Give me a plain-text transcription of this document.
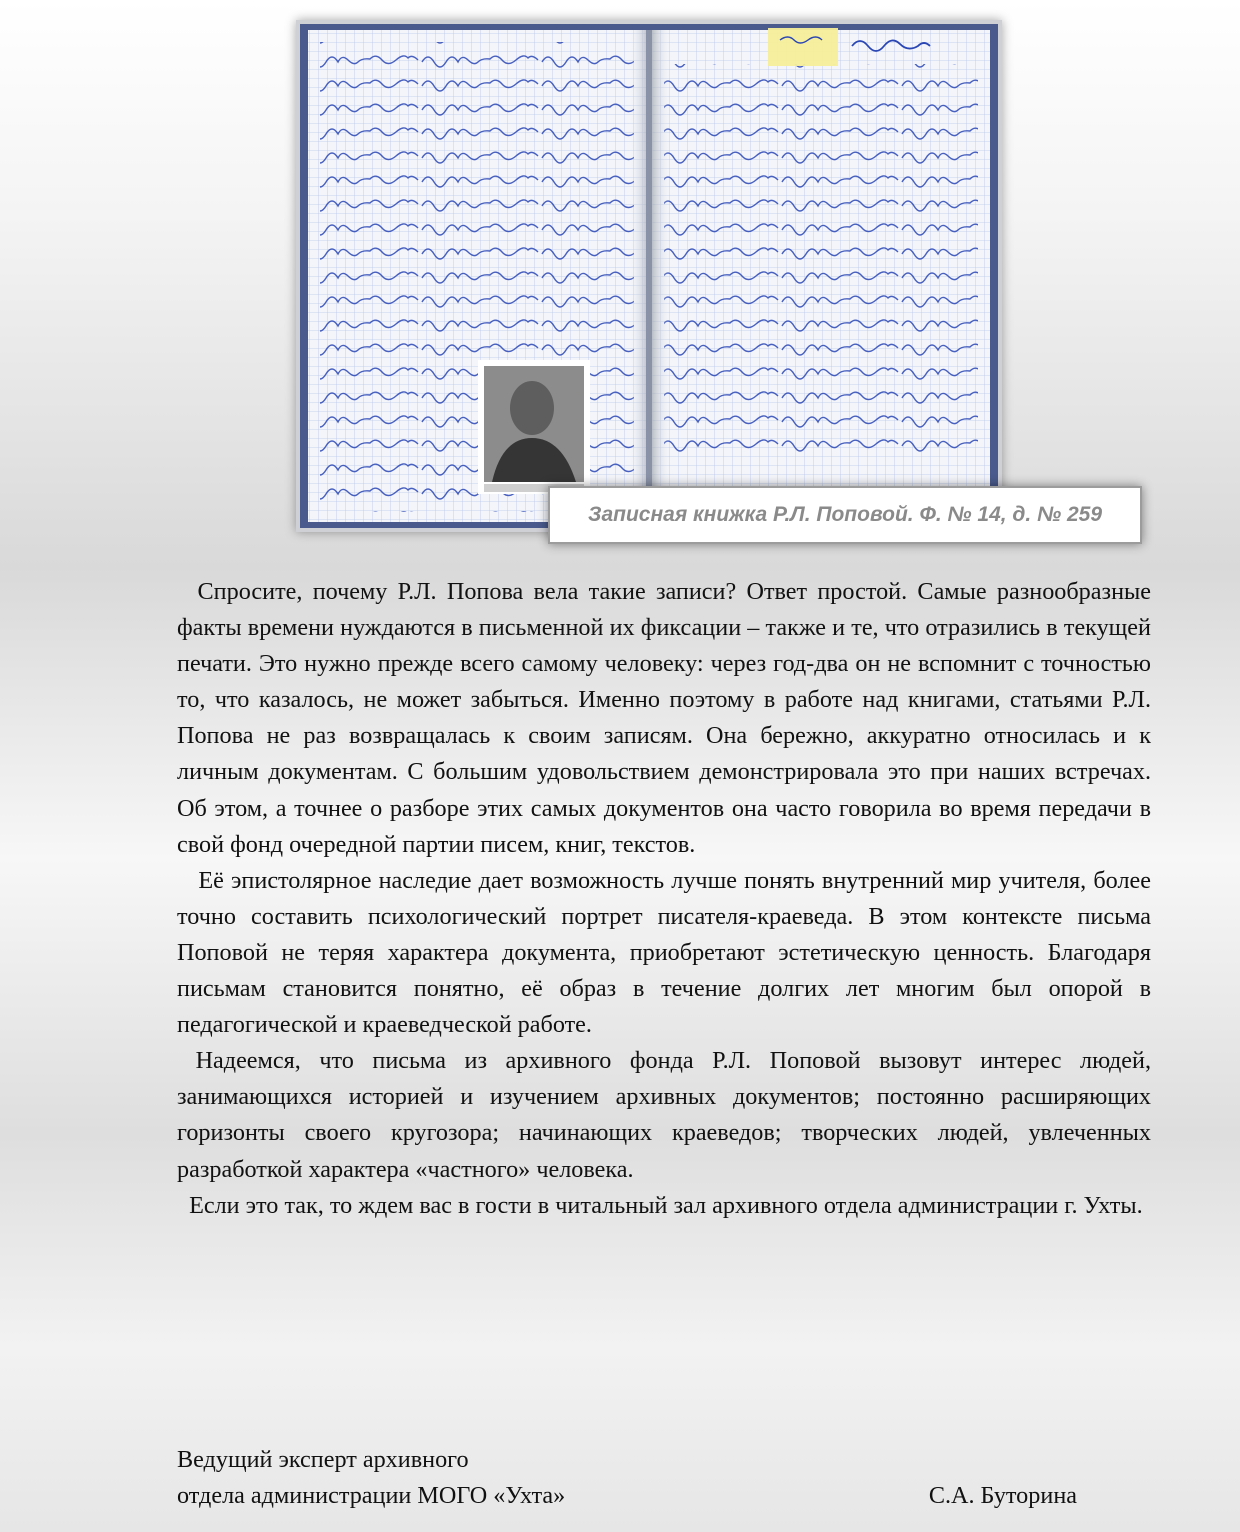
Записная книжка Р.Л. Поповой. Ф. № 14, д. № 259

Спросите, почему Р.Л. Попова вела такие записи? Ответ простой. Самые разнообразные факты времени нуждаются в письменной их фиксации – также и те, что отразились в текущей печати. Это нужно прежде всего самому человеку: через год-два он не вспомнит с точностью то, что казалось, не может забыться. Именно поэтому в работе над книгами, статьями Р.Л. Попова не раз возвращалась к своим записям. Она бережно, аккуратно относилась и к личным документам. С большим удовольствием демонстрировала это при наших встречах. Об этом, а точнее о разборе этих самых документов она часто говорила во время передачи в свой фонд очередной партии писем, книг, текстов.

Её эпистолярное наследие дает возможность лучше понять внутренний мир учителя, более точно составить психологический портрет писателя-краеведа. В этом контексте письма Поповой не теряя характера документа, приобретают эстетическую ценность. Благодаря письмам становится понятно, её образ в течение долгих лет многим был опорой в педагогической и краеведческой работе.

Надеемся, что письма из архивного фонда Р.Л. Поповой вызовут интерес людей, занимающихся историей и изучением архивных документов; постоянно расширяющих горизонты своего кругозора; начинающих краеведов; творческих людей, увлеченных разработкой характера «частного» человека.

Если это так, то ждем вас в гости в читальный зал архивного отдела администрации г. Ухты.

Ведущий эксперт архивного
отдела администрации МОГО «Ухта»	С.А. Буторина
